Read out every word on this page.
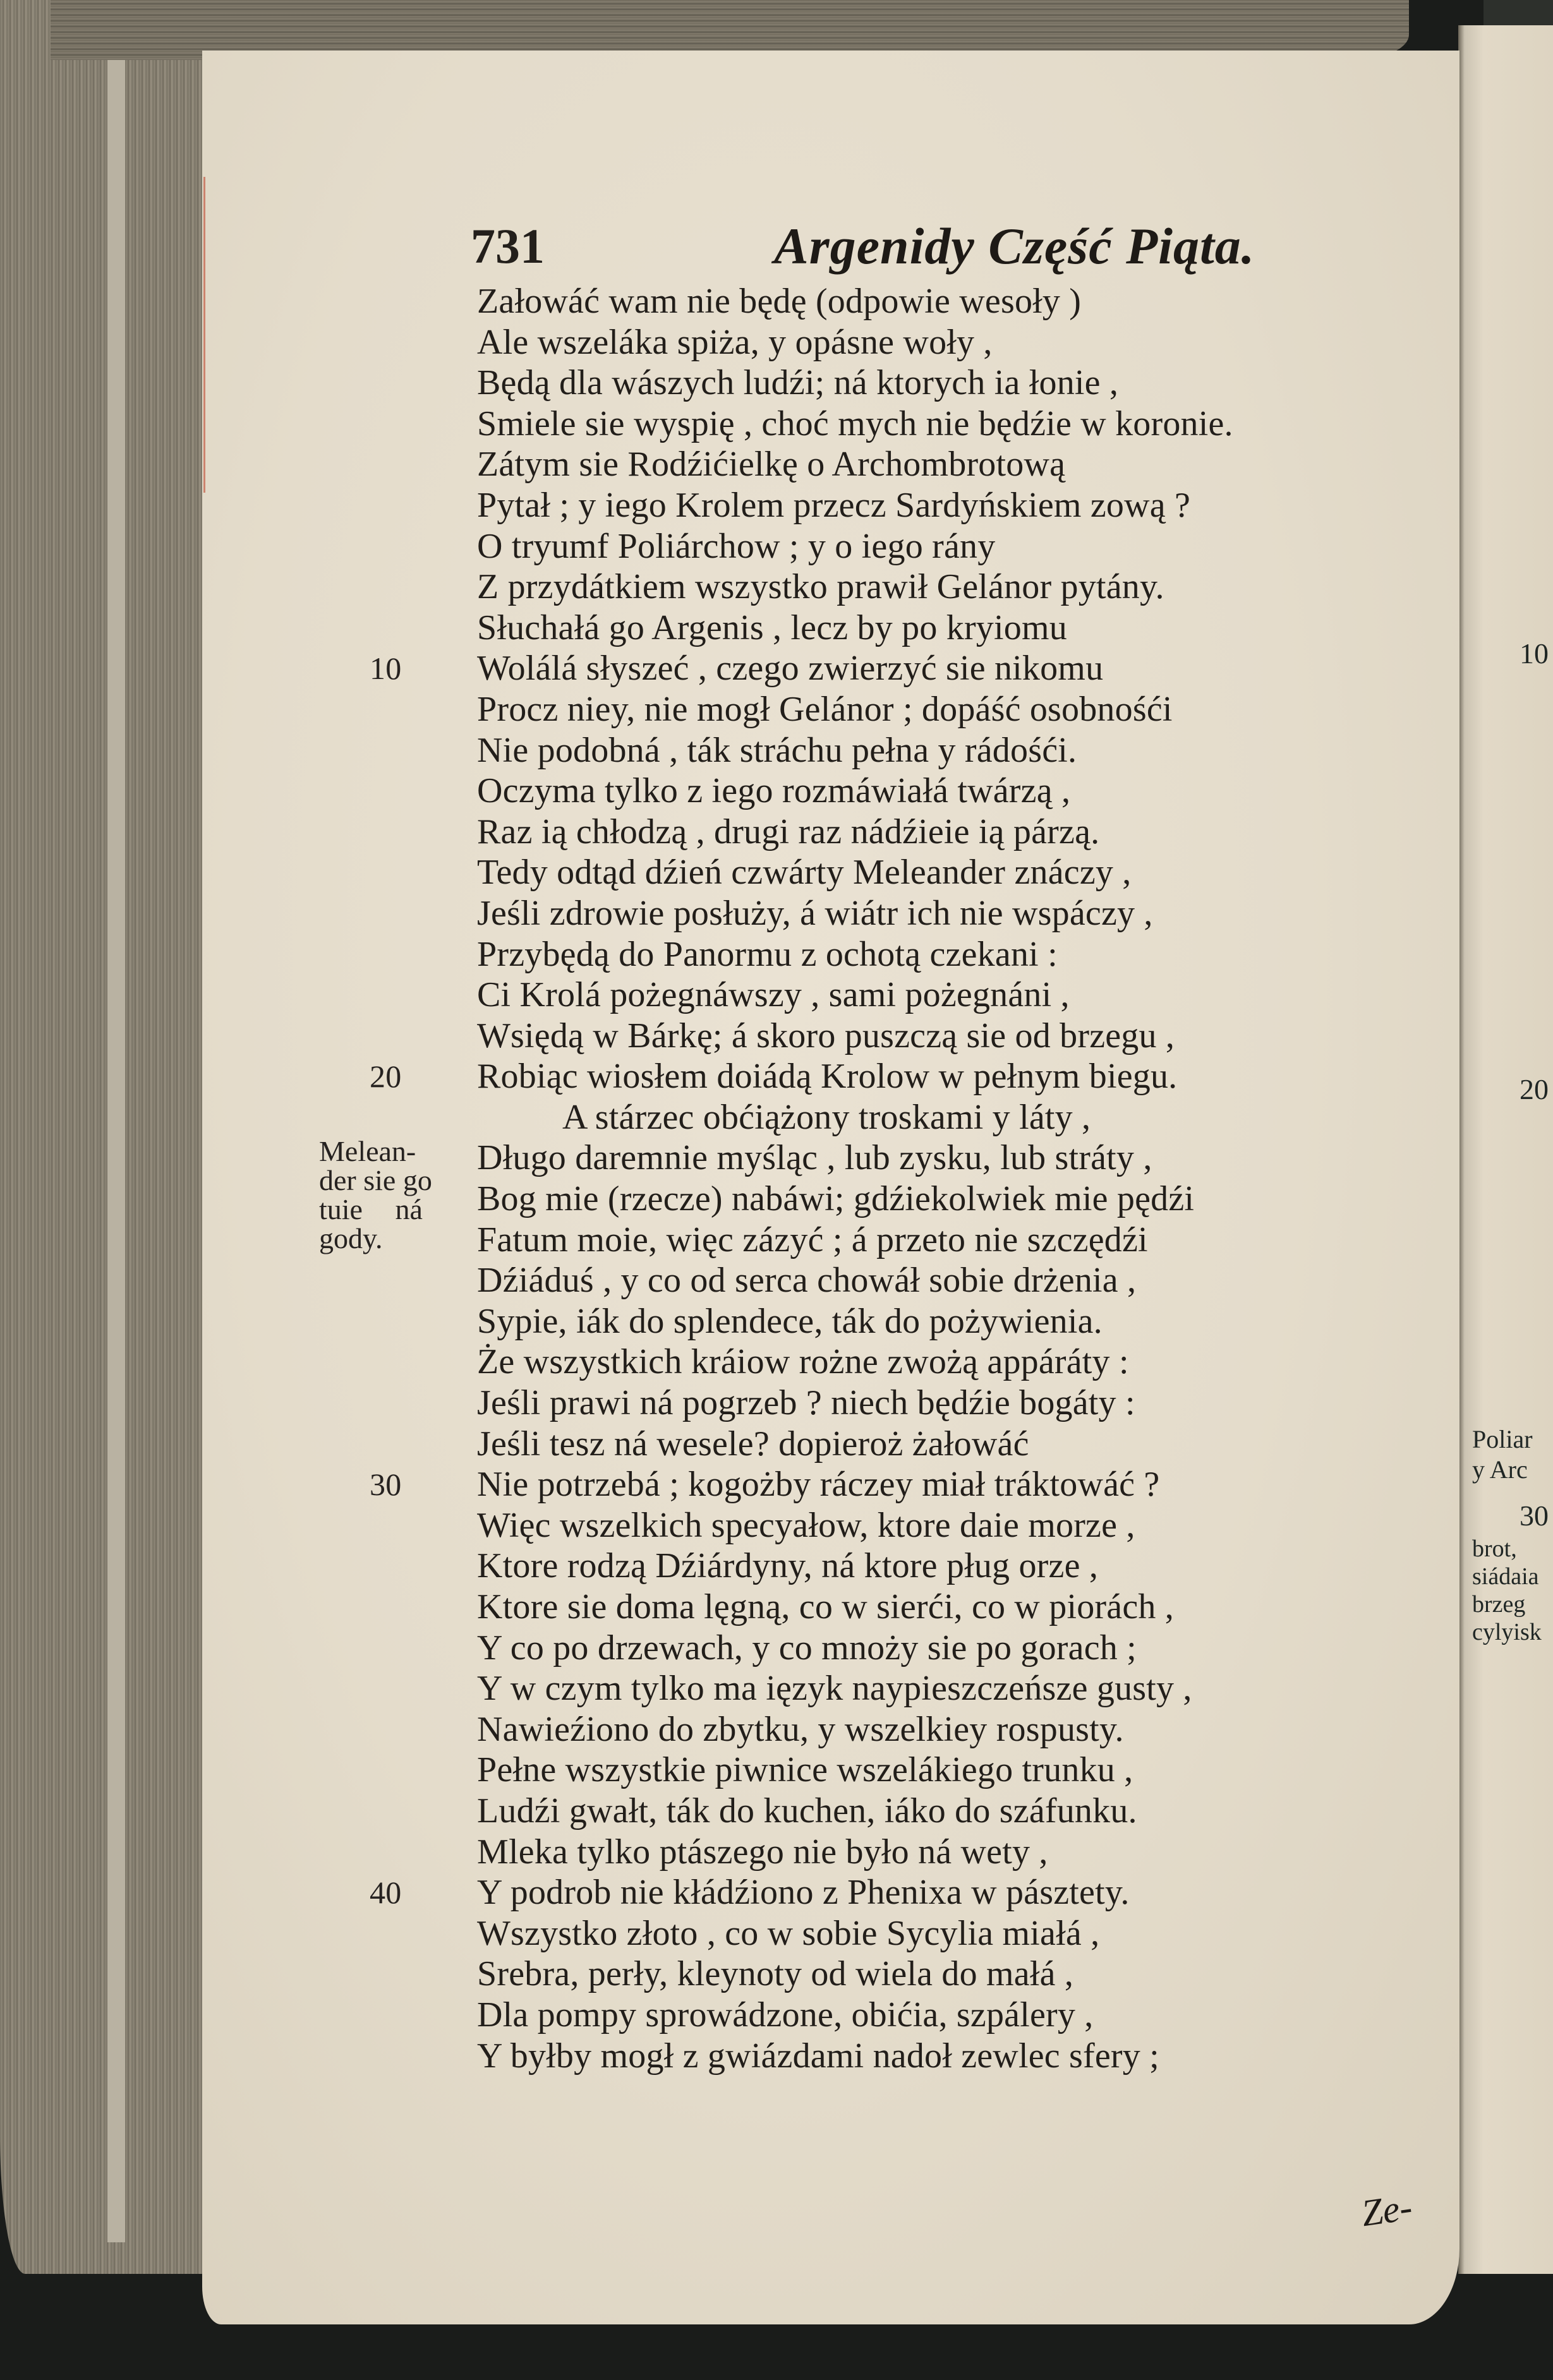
731	Argenidy Część Piąta.
Załowáć wam nie będę (odpowie wesoły )
Ale wszeláka spiża, y opásne woły ,
Będą dla wászych ludźi; ná ktorych ia łonie ,
Smiele sie wyspię , choć mych nie będźie w koronie.
Zátym sie Rodźićielkę o Archombrotową
Pytał ; y iego Krolem przecz Sardyńskiem zową ?
O tryumf Poliárchow ; y o iego rány
Z przydátkiem wszystko prawił Gelánor pytány.
Słuchałá go Argenis , lecz by po kryiomu
Wolálá słyszeć , czego zwierzyć sie nikomu
10
Procz niey, nie mogł Gelánor ; dopáść osobnośći
Nie podobná , ták stráchu pełna y rádośći.
Oczyma tylko z iego rozmáwiałá twárzą ,
Raz ią chłodzą , drugi raz nádźieie ią párzą.
Tedy odtąd dźień czwárty Meleander znáczy ,
Jeśli zdrowie posłuży, á wiátr ich nie wspáczy ,
Przybędą do Panormu z ochotą czekani :
Ci Krolá pożegnáwszy , sami pożegnáni ,
Wsiędą w Bárkę; á skoro puszczą sie od brzegu ,
Robiąc wiosłem doiádą Krolow w pełnym biegu.
20
A stárzec obćiążony troskami y láty ,
Długo daremnie myśląc , lub zysku, lub stráty ,
Bog mie (rzecze) nabáwi; gdźiekolwiek mie pędźi
Fatum moie, więc zázyć ; á przeto nie szczędźi
Dźiáduś , y co od serca chowáł sobie drżenia ,
Sypie, iák do splendece, ták do pożywienia.
Że wszystkich kráiow rożne zwożą appáráty :
Jeśli prawi ná pogrzeb ? niech będźie bogáty :
Jeśli tesz ná wesele? dopieroż żałowáć
Nie potrzebá ; kogożby ráczey miał tráktowáć ?
30
Więc wszelkich specyałow, ktore daie morze ,
Ktore rodzą Dźiárdyny, ná ktore pług orze ,
Ktore sie doma lęgną, co w sierći, co w piorách ,
Y co po drzewach, y co mnoży sie po gorach ;
Y w czym tylko ma ięzyk naypieszczeńsze gusty ,
Nawieźiono do zbytku, y wszelkiey rospusty.
Pełne wszystkie piwnice wszelákiego trunku ,
Ludźi gwałt, ták do kuchen, iáko do száfunku.
Mleka tylko ptászego nie było ná wety ,
Y podrob nie kłádźiono z Phenixa w pásztety.
40
Wszystko złoto , co w sobie Sycylia miałá ,
Srebra, perły, kleynoty od wiela do małá ,
Dla pompy sprowádzone, obićia, szpálery ,
Y byłby mogł z gwiázdami nadoł zewlec sfery ;
Melean-
der sie go
tuie ná
gody.
Ze-
10
20
Poliar
y Arc
30
brot,
siádaia
brzeg
cylyisk
